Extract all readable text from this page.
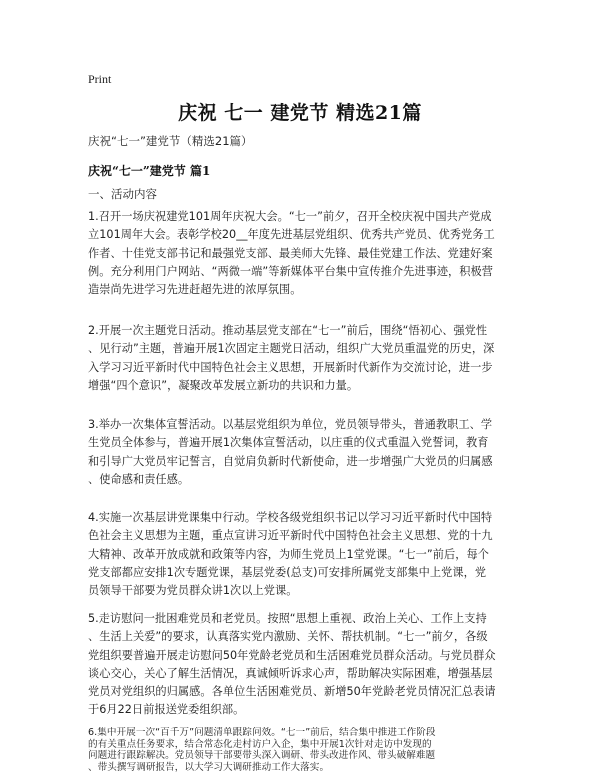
Print
庆祝 七一 建党节 精选21篇
庆祝“七一”建党节（精选21篇）
庆祝“七一”建党节 篇1
一、活动内容

1.召开一场庆祝建党101周年庆祝大会。“七一”前夕，召开全校庆祝中国共产党成
立101周年大会。表彰学校20__年度先进基层党组织、优秀共产党员、优秀党务工
作者、十佳党支部书记和最强党支部、最美师大先锋、最佳党建工作法、党建好案
例。充分利用门户网站、“两微一端”等新媒体平台集中宣传推介先进事迹，积极营
造崇尚先进学习先进赶超先进的浓厚氛围。

2.开展一次主题党日活动。推动基层党支部在“七一”前后，围绕“悟初心、强党性
、见行动”主题，普遍开展1次固定主题党日活动，组织广大党员重温党的历史，深
入学习习近平新时代中国特色社会主义思想，开展新时代新作为交流讨论，进一步
增强“四个意识”，凝聚改革发展立新功的共识和力量。

3.举办一次集体宣誓活动。以基层党组织为单位，党员领导带头，普通教职工、学
生党员全体参与，普遍开展1次集体宣誓活动，以庄重的仪式重温入党誓词，教育
和引导广大党员牢记誓言，自觉肩负新时代新使命，进一步增强广大党员的归属感
、使命感和责任感。

4.实施一次基层讲党课集中行动。学校各级党组织书记以学习习近平新时代中国特
色社会主义思想为主题，重点宣讲习近平新时代中国特色社会主义思想、党的十九
大精神、改革开放成就和政策等内容，为师生党员上1堂党课。“七一”前后，每个
党支部都应安排1次专题党课，基层党委(总支)可安排所属党支部集中上党课，党
员领导干部要为党员群众讲1次以上党课。

5.走访慰问一批困难党员和老党员。按照“思想上重视、政治上关心、工作上支持
、生活上关爱”的要求，认真落实党内激励、关怀、帮扶机制。“七一”前夕，各级
党组织要普遍开展走访慰问50年党龄老党员和生活困难党员群众活动。与党员群众
谈心交心，关心了解生活情况，真诚倾听诉求心声，帮助解决实际困难，增强基层
党员对党组织的归属感。各单位生活困难党员、新增50年党龄老党员情况汇总表请
于6月22日前报送党委组织部。

6.集中开展一次“百千万”问题清单跟踪问效。“七一”前后，结合集中推进工作阶段
的有关重点任务要求，结合常态化走村访户入企，集中开展1次针对走访中发现的
问题进行跟踪解决。党员领导干部要带头深入调研、带头改进作风、带头破解难题
、带头撰写调研报告，以大学习大调研推动工作大落实。
